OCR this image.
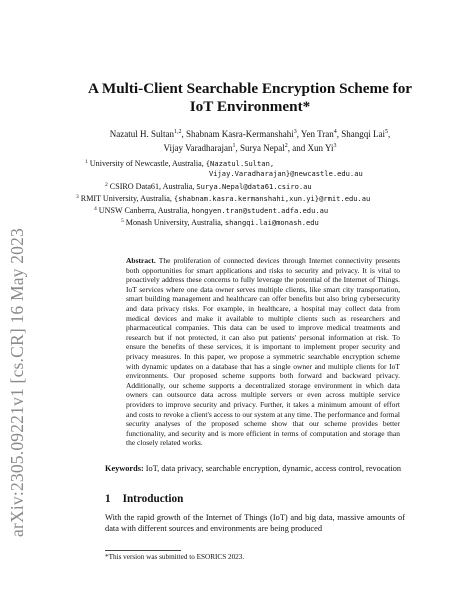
arXiv:2305.09221v1 [cs.CR] 16 May 2023
A Multi-Client Searchable Encryption Scheme for
IoT Environment*
Nazatul H. Sultan$^{1,2}$, Shabnam Kasra-Kermanshahi$^3$, Yen Tran$^4$, Shangqi Lai$^5$,
Vijay Varadharajan$^1$, Surya Nepal$^2$, and Xun Yi$^3$
$^1$ University of Newcastle, Australia, {Nazatul.Sultan,
Vijay.Varadharajan}@newcastle.edu.au
$^2$ CSIRO Data61, Australia, Surya.Nepal@data61.csiro.au
$^3$ RMIT University, Australia, {shabnam.kasra.kermanshahi,xun.yi}@rmit.edu.au
$^4$ UNSW Canberra, Australia, hongyen.tran@student.adfa.edu.au
$^5$ Monash University, Australia, shangqi.lai@monash.edu
Abstract. The proliferation of connected devices through Internet connectivity presents both opportunities for smart applications and risks to security and privacy. It is vital to proactively address these concerns to fully leverage the potential of the Internet of Things. IoT services where one data owner serves multiple clients, like smart city transportation, smart building management and healthcare can offer benefits but also bring cybersecurity and data privacy risks. For example, in healthcare, a hospital may collect data from medical devices and make it available to multiple clients such as researchers and pharmaceutical companies. This data can be used to improve medical treatments and research but if not protected, it can also put patients' personal information at risk. To ensure the benefits of these services, it is important to implement proper security and privacy measures. In this paper, we propose a symmetric searchable encryption scheme with dynamic updates on a database that has a single owner and multiple clients for IoT environments. Our proposed scheme supports both forward and backward privacy. Additionally, our scheme supports a decentralized storage environment in which data owners can outsource data across multiple servers or even across multiple service providers to improve security and privacy. Further, it takes a minimum amount of effort and costs to revoke a client's access to our system at any time. The performance and formal security analyses of the proposed scheme show that our scheme provides better functionality, and security and is more efficient in terms of computation and storage than the closely related works.
Keywords: IoT, data privacy, searchable encryption, dynamic, access control, revocation
1 Introduction
With the rapid growth of the Internet of Things (IoT) and big data, massive amounts of data with different sources and environments are being produced
*This version was submitted to ESORICS 2023.
